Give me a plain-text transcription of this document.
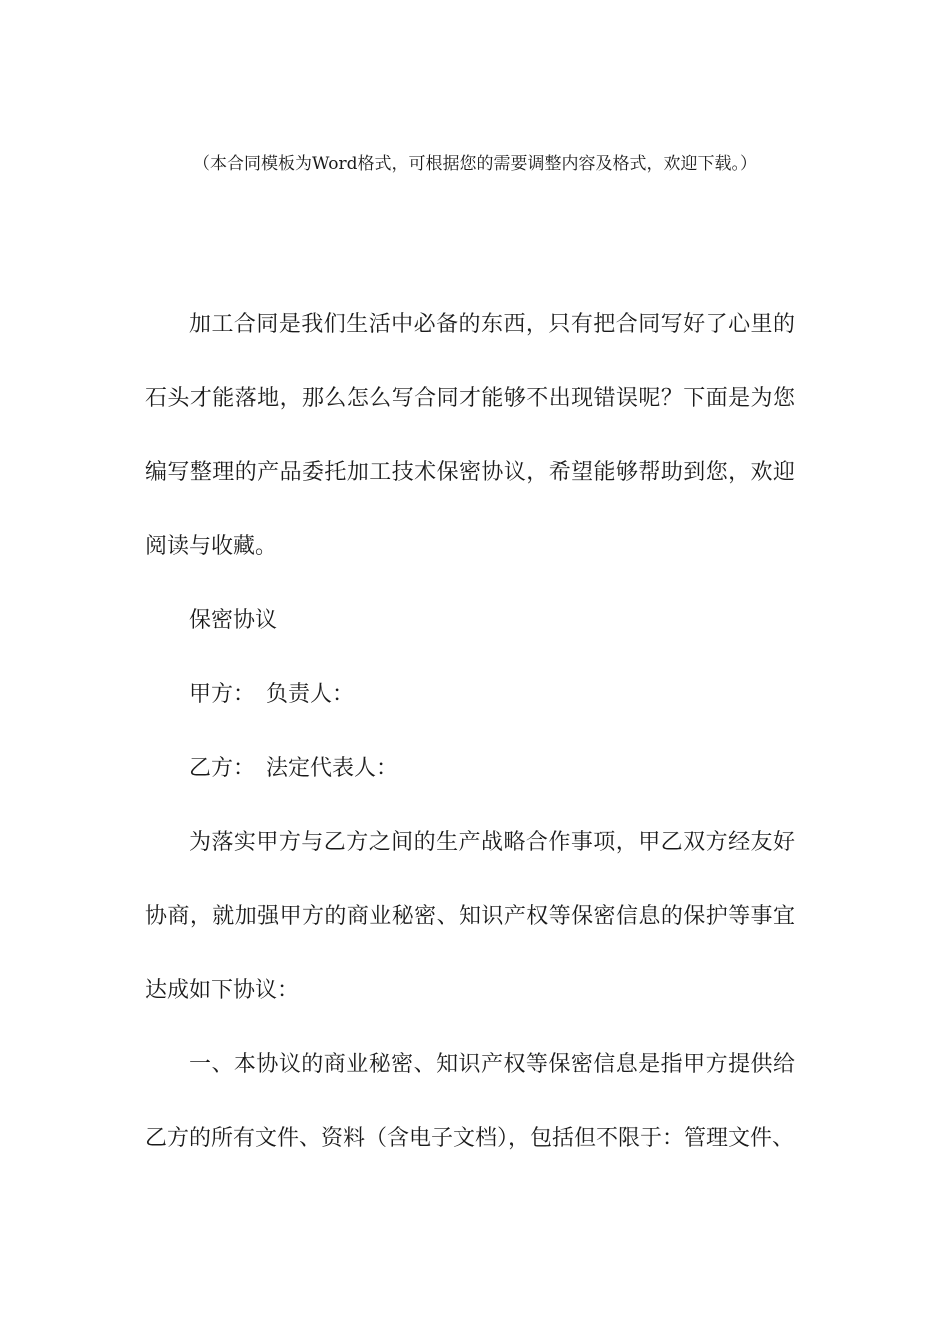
（本合同模板为Word格式，可根据您的需要调整内容及格式，欢迎下载。）

加工合同是我们生活中必备的东西，只有把合同写好了心里的石头才能落地，那么怎么写合同才能够不出现错误呢？下面是为您编写整理的产品委托加工技术保密协议，希望能够帮助到您，欢迎阅读与收藏。

保密协议

甲方：　负责人：

乙方：　法定代表人：

为落实甲方与乙方之间的生产战略合作事项，甲乙双方经友好协商，就加强甲方的商业秘密、知识产权等保密信息的保护等事宜达成如下协议：

一、本协议的商业秘密、知识产权等保密信息是指甲方提供给乙方的所有文件、资料（含电子文档），包括但不限于：管理文件、
